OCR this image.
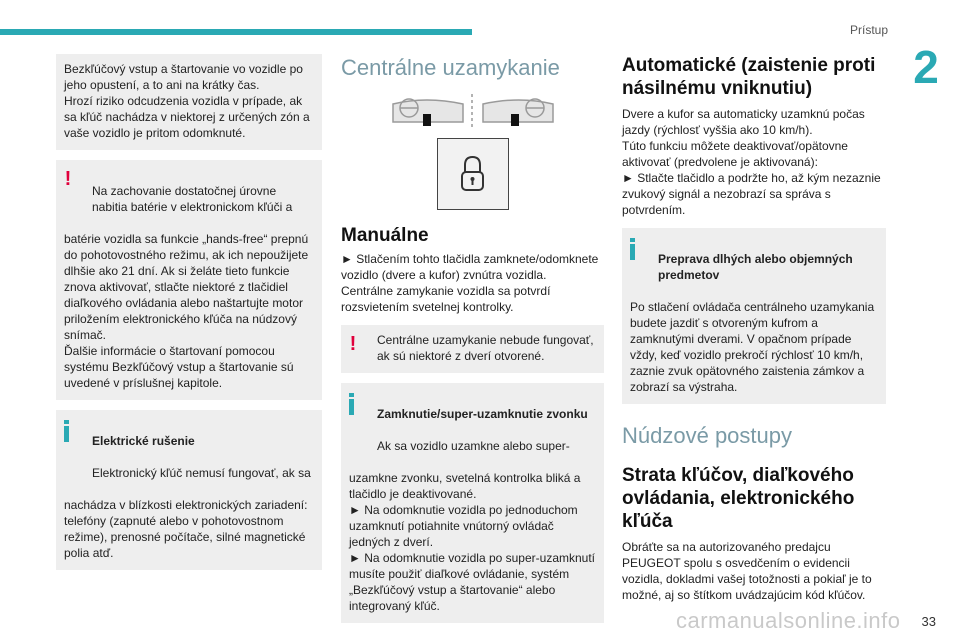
Prístup
2

Bezkľúčový vstup a štartovanie vo vozidle po jeho opustení, a to ani na krátky čas.
Hrozí riziko odcudzenia vozidla v prípade, ak sa kľúč nachádza v niektorej z určených zón a vaše vozidlo je pritom odomknuté.

!

Na zachovanie dostatočnej úrovne nabitia batérie v elektronickom kľúči a

batérie vozidla sa funkcie „hands-free“ prepnú do pohotovostného režimu, ak ich nepoužijete dlhšie ako 21 dní. Ak si želáte tieto funkcie znova aktivovať, stlačte niektoré z tlačidiel diaľkového ovládania alebo naštartujte motor priložením elektronického kľúča na núdzový snímač.
Ďalšie informácie o štartovaní pomocou systému Bezkľúčový vstup a štartovanie sú uvedené v príslušnej kapitole.

Elektrické rušenie

Elektronický kľúč nemusí fungovať, ak sa

nachádza v blízkosti elektronických zariadení: telefóny (zapnuté alebo v pohotovostnom režime), prenosné počítače, silné magnetické polia atď.

Centrálne uzamykanie
Manuálne

► Stlačením tohto tlačidla zamknete/odomknete vozidlo (dvere a kufor) zvnútra vozidla.
Centrálne zamykanie vozidla sa potvrdí rozsvietením svetelnej kontrolky.

!	Centrálne uzamykanie nebude fungovať, ak sú niektoré z dverí otvorené.

Zamknutie/super-uzamknutie zvonku

Ak sa vozidlo uzamkne alebo super-

uzamkne zvonku, svetelná kontrolka bliká a tlačidlo je deaktivované.
► Na odomknutie vozidla po jednoduchom uzamknutí potiahnite vnútorný ovládač jedných z dverí.
► Na odomknutie vozidla po super-uzamknutí musíte použiť diaľkové ovládanie, systém „Bezkľúčový vstup a štartovanie“ alebo integrovaný kľúč.

Automatické (zaistenie proti násilnému vniknutiu)

Dvere a kufor sa automaticky uzamknú počas jazdy (rýchlosť vyššia ako 10 km/h).
Túto funkciu môžete deaktivovať/opätovne aktivovať (predvolene je aktivovaná):
► Stlačte tlačidlo a podržte ho, až kým nezaznie zvukový signál a nezobrazí sa správa s potvrdením.

Preprava dlhých alebo objemných predmetov

Po stlačení ovládača centrálneho uzamykania budete jazdiť s otvoreným kufrom a zamknutými dverami. V opačnom prípade vždy, keď vozidlo prekročí rýchlosť 10 km/h, zaznie zvuk opätovného zaistenia zámkov a zobrazí sa výstraha.

Núdzové postupy
Strata kľúčov, diaľkového ovládania, elektronického kľúča

Obráťte sa na autorizovaného predajcu PEUGEOT spolu s osvedčením o evidencii vozidla, dokladmi vašej totožnosti a pokiaľ je to možné, aj so štítkom uvádzajúcim kód kľúčov.

carmanualsonline.info	33
